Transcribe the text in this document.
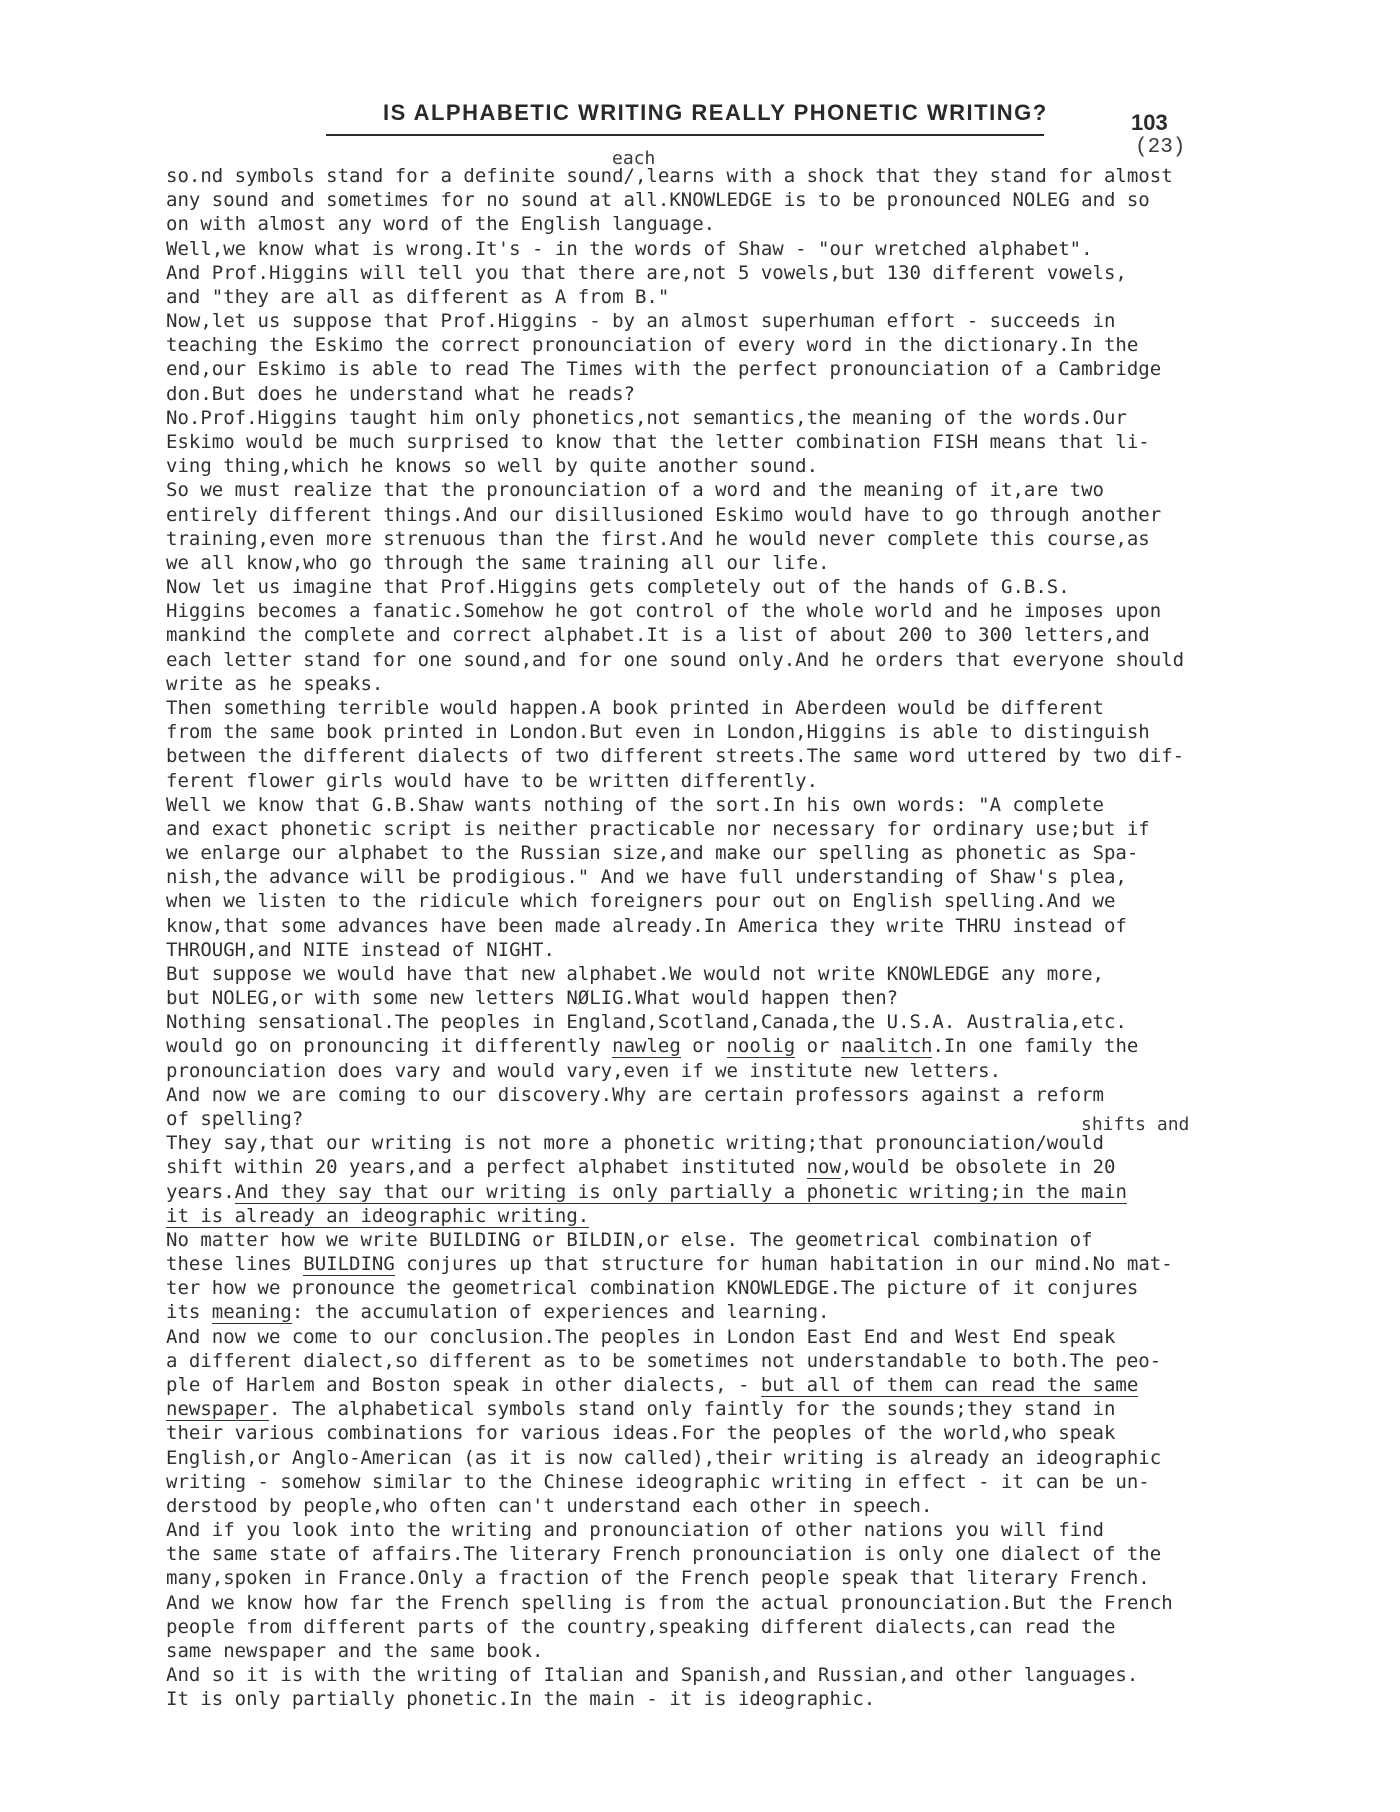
IS ALPHABETIC WRITING REALLY PHONETIC WRITING?	103
(23)
each
shifts and
so.nd symbols stand for a definite sound/,learns with a shock that they stand for almost
any sound and sometimes for no sound at all.KNOWLEDGE is to be pronounced NOLEG and so
on with almost any word of the English language.
Well,we know what is wrong.It's - in the words of Shaw - "our wretched alphabet".
And Prof.Higgins will tell you that there are,not 5 vowels,but 130 different vowels,
and "they are all as different as A from B."
Now,let us suppose that Prof.Higgins - by an almost superhuman effort - succeeds in
teaching the Eskimo the correct pronounciation of every word in the dictionary.In the
end,our Eskimo is able to read The Times with the perfect pronounciation of a Cambridge
don.But does he understand what he reads?
No.Prof.Higgins taught him only phonetics,not semantics,the meaning of the words.Our
Eskimo would be much surprised to know that the letter combination FISH means that li-
ving thing,which he knows so well by quite another sound.
So we must realize that the pronounciation of a word and the meaning of it,are two
entirely different things.And our disillusioned Eskimo would have to go through another
training,even more strenuous than the first.And he would never complete this course,as
we all know,who go through the same training all our life.
Now let us imagine that Prof.Higgins gets completely out of the hands of G.B.S.
Higgins becomes a fanatic.Somehow he got control of the whole world and he imposes upon
mankind the complete and correct alphabet.It is a list of about 200 to 300 letters,and
each letter stand for one sound,and for one sound only.And he orders that everyone should
write as he speaks.
Then something terrible would happen.A book printed in Aberdeen would be different
from the same book printed in London.But even in London,Higgins is able to distinguish
between the different dialects of two different streets.The same word uttered by two dif-
ferent flower girls would have to be written differently.
Well we know that G.B.Shaw wants nothing of the sort.In his own words: "A complete
and exact phonetic script is neither practicable nor necessary for ordinary use;but if
we enlarge our alphabet to the Russian size,and make our spelling as phonetic as Spa-
nish,the advance will be prodigious." And we have full understanding of Shaw's plea,
when we listen to the ridicule which foreigners pour out on English spelling.And we
know,that some advances have been made already.In America they write THRU instead of
THROUGH,and NITE instead of NIGHT.
But suppose we would have that new alphabet.We would not write KNOWLEDGE any more,
but NOLEG,or with some new letters NØLIG.What would happen then?
Nothing sensational.The peoples in England,Scotland,Canada,the U.S.A. Australia,etc.
would go on pronouncing it differently nawleg or noolig or naalitch.In one family the
pronounciation does vary and would vary,even if we institute new letters.
And now we are coming to our discovery.Why are certain professors against a reform
of spelling?
They say,that our writing is not more a phonetic writing;that pronounciation/would
shift within 20 years,and a perfect alphabet instituted now,would be obsolete in 20
years.And they say that our writing is only partially a phonetic writing;in the main
it is already an ideographic writing.
No matter how we write BUILDING or BILDIN,or else. The geometrical combination of
these lines BUILDING conjures up that structure for human habitation in our mind.No mat-
ter how we pronounce the geometrical combination KNOWLEDGE.The picture of it conjures
its meaning: the accumulation of experiences and learning.
And now we come to our conclusion.The peoples in London East End and West End speak
a different dialect,so different as to be sometimes not understandable to both.The peo-
ple of Harlem and Boston speak in other dialects, - but all of them can read the same
newspaper. The alphabetical symbols stand only faintly for the sounds;they stand in
their various combinations for various ideas.For the peoples of the world,who speak
English,or Anglo-American (as it is now called),their writing is already an ideographic
writing - somehow similar to the Chinese ideographic writing in effect - it can be un-
derstood by people,who often can't understand each other in speech.
And if you look into the writing and pronounciation of other nations you will find
the same state of affairs.The literary French pronounciation is only one dialect of the
many,spoken in France.Only a fraction of the French people speak that literary French.
And we know how far the French spelling is from the actual pronounciation.But the French
people from different parts of the country,speaking different dialects,can read the
same newspaper and the same book.
And so it is with the writing of Italian and Spanish,and Russian,and other languages.
It is only partially phonetic.In the main - it is ideographic.
